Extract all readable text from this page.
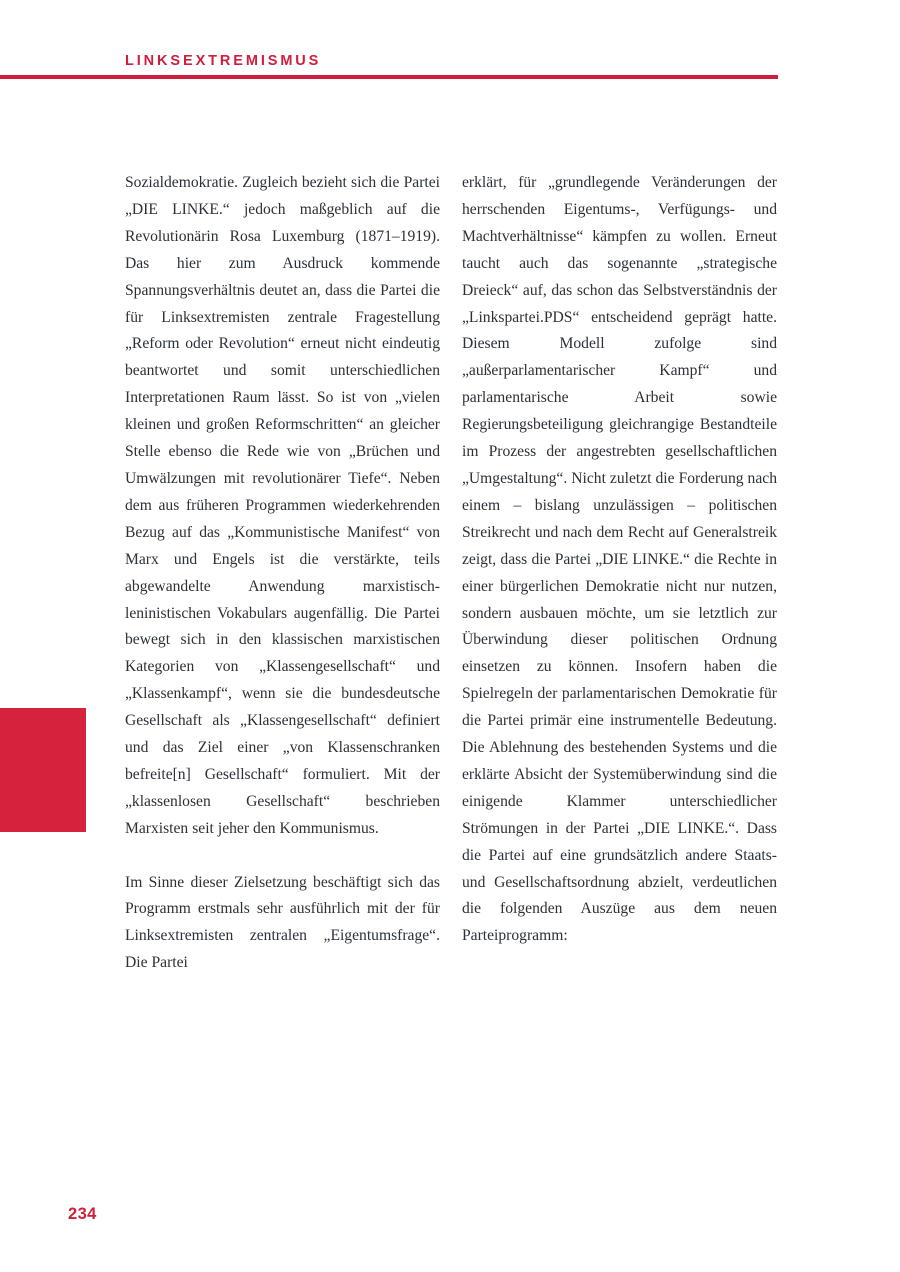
LINKSEXTREMISMUS

Sozialdemokratie. Zugleich bezieht sich die Partei „DIE LINKE.“ jedoch maßgeblich auf die Revolutionärin Rosa Luxemburg (1871–1919). Das hier zum Ausdruck kommende Spannungsverhältnis deutet an, dass die Partei die für Linksextremisten zentrale Fragestellung „Reform oder Revolution“ erneut nicht eindeutig beantwortet und somit unterschiedlichen Interpretationen Raum lässt. So ist von „vielen kleinen und großen Reformschritten“ an gleicher Stelle ebenso die Rede wie von „Brüchen und Umwälzungen mit revolutionärer Tiefe“. Neben dem aus früheren Programmen wiederkehrenden Bezug auf das „Kommunistische Manifest“ von Marx und Engels ist die verstärkte, teils abgewandelte Anwendung marxistisch-leninistischen Vokabulars augenfällig. Die Partei bewegt sich in den klassischen marxistischen Kategorien von „Klassengesellschaft“ und „Klassenkampf“, wenn sie die bundesdeutsche Gesellschaft als „Klassengesellschaft“ definiert und das Ziel einer „von Klassenschranken befreite[n] Gesellschaft“ formuliert. Mit der „klassenlosen Gesellschaft“ beschrieben Marxisten seit jeher den Kommunismus.

Im Sinne dieser Zielsetzung beschäftigt sich das Programm erstmals sehr ausführlich mit der für Linksextremisten zentralen „Eigentumsfrage“. Die Partei

erklärt, für „grundlegende Veränderungen der herrschenden Eigentums-, Verfügungs- und Machtverhältnisse“ kämpfen zu wollen. Erneut taucht auch das sogenannte „strategische Dreieck“ auf, das schon das Selbstverständnis der „Linkspartei.PDS“ entscheidend geprägt hatte. Diesem Modell zufolge sind „außerparlamentarischer Kampf“ und parlamentarische Arbeit sowie Regierungsbeteiligung gleichrangige Bestandteile im Prozess der angestrebten gesellschaftlichen „Umgestaltung“. Nicht zuletzt die Forderung nach einem – bislang unzulässigen – politischen Streikrecht und nach dem Recht auf Generalstreik zeigt, dass die Partei „DIE LINKE.“ die Rechte in einer bürgerlichen Demokratie nicht nur nutzen, sondern ausbauen möchte, um sie letztlich zur Überwindung dieser politischen Ordnung einsetzen zu können. Insofern haben die Spielregeln der parlamentarischen Demokratie für die Partei primär eine instrumentelle Bedeutung. Die Ablehnung des bestehenden Systems und die erklärte Absicht der Systemüberwindung sind die einigende Klammer unterschiedlicher Strömungen in der Partei „DIE LINKE.“. Dass die Partei auf eine grundsätzlich andere Staats- und Gesellschaftsordnung abzielt, verdeutlichen die folgenden Auszüge aus dem neuen Parteiprogramm:

234
